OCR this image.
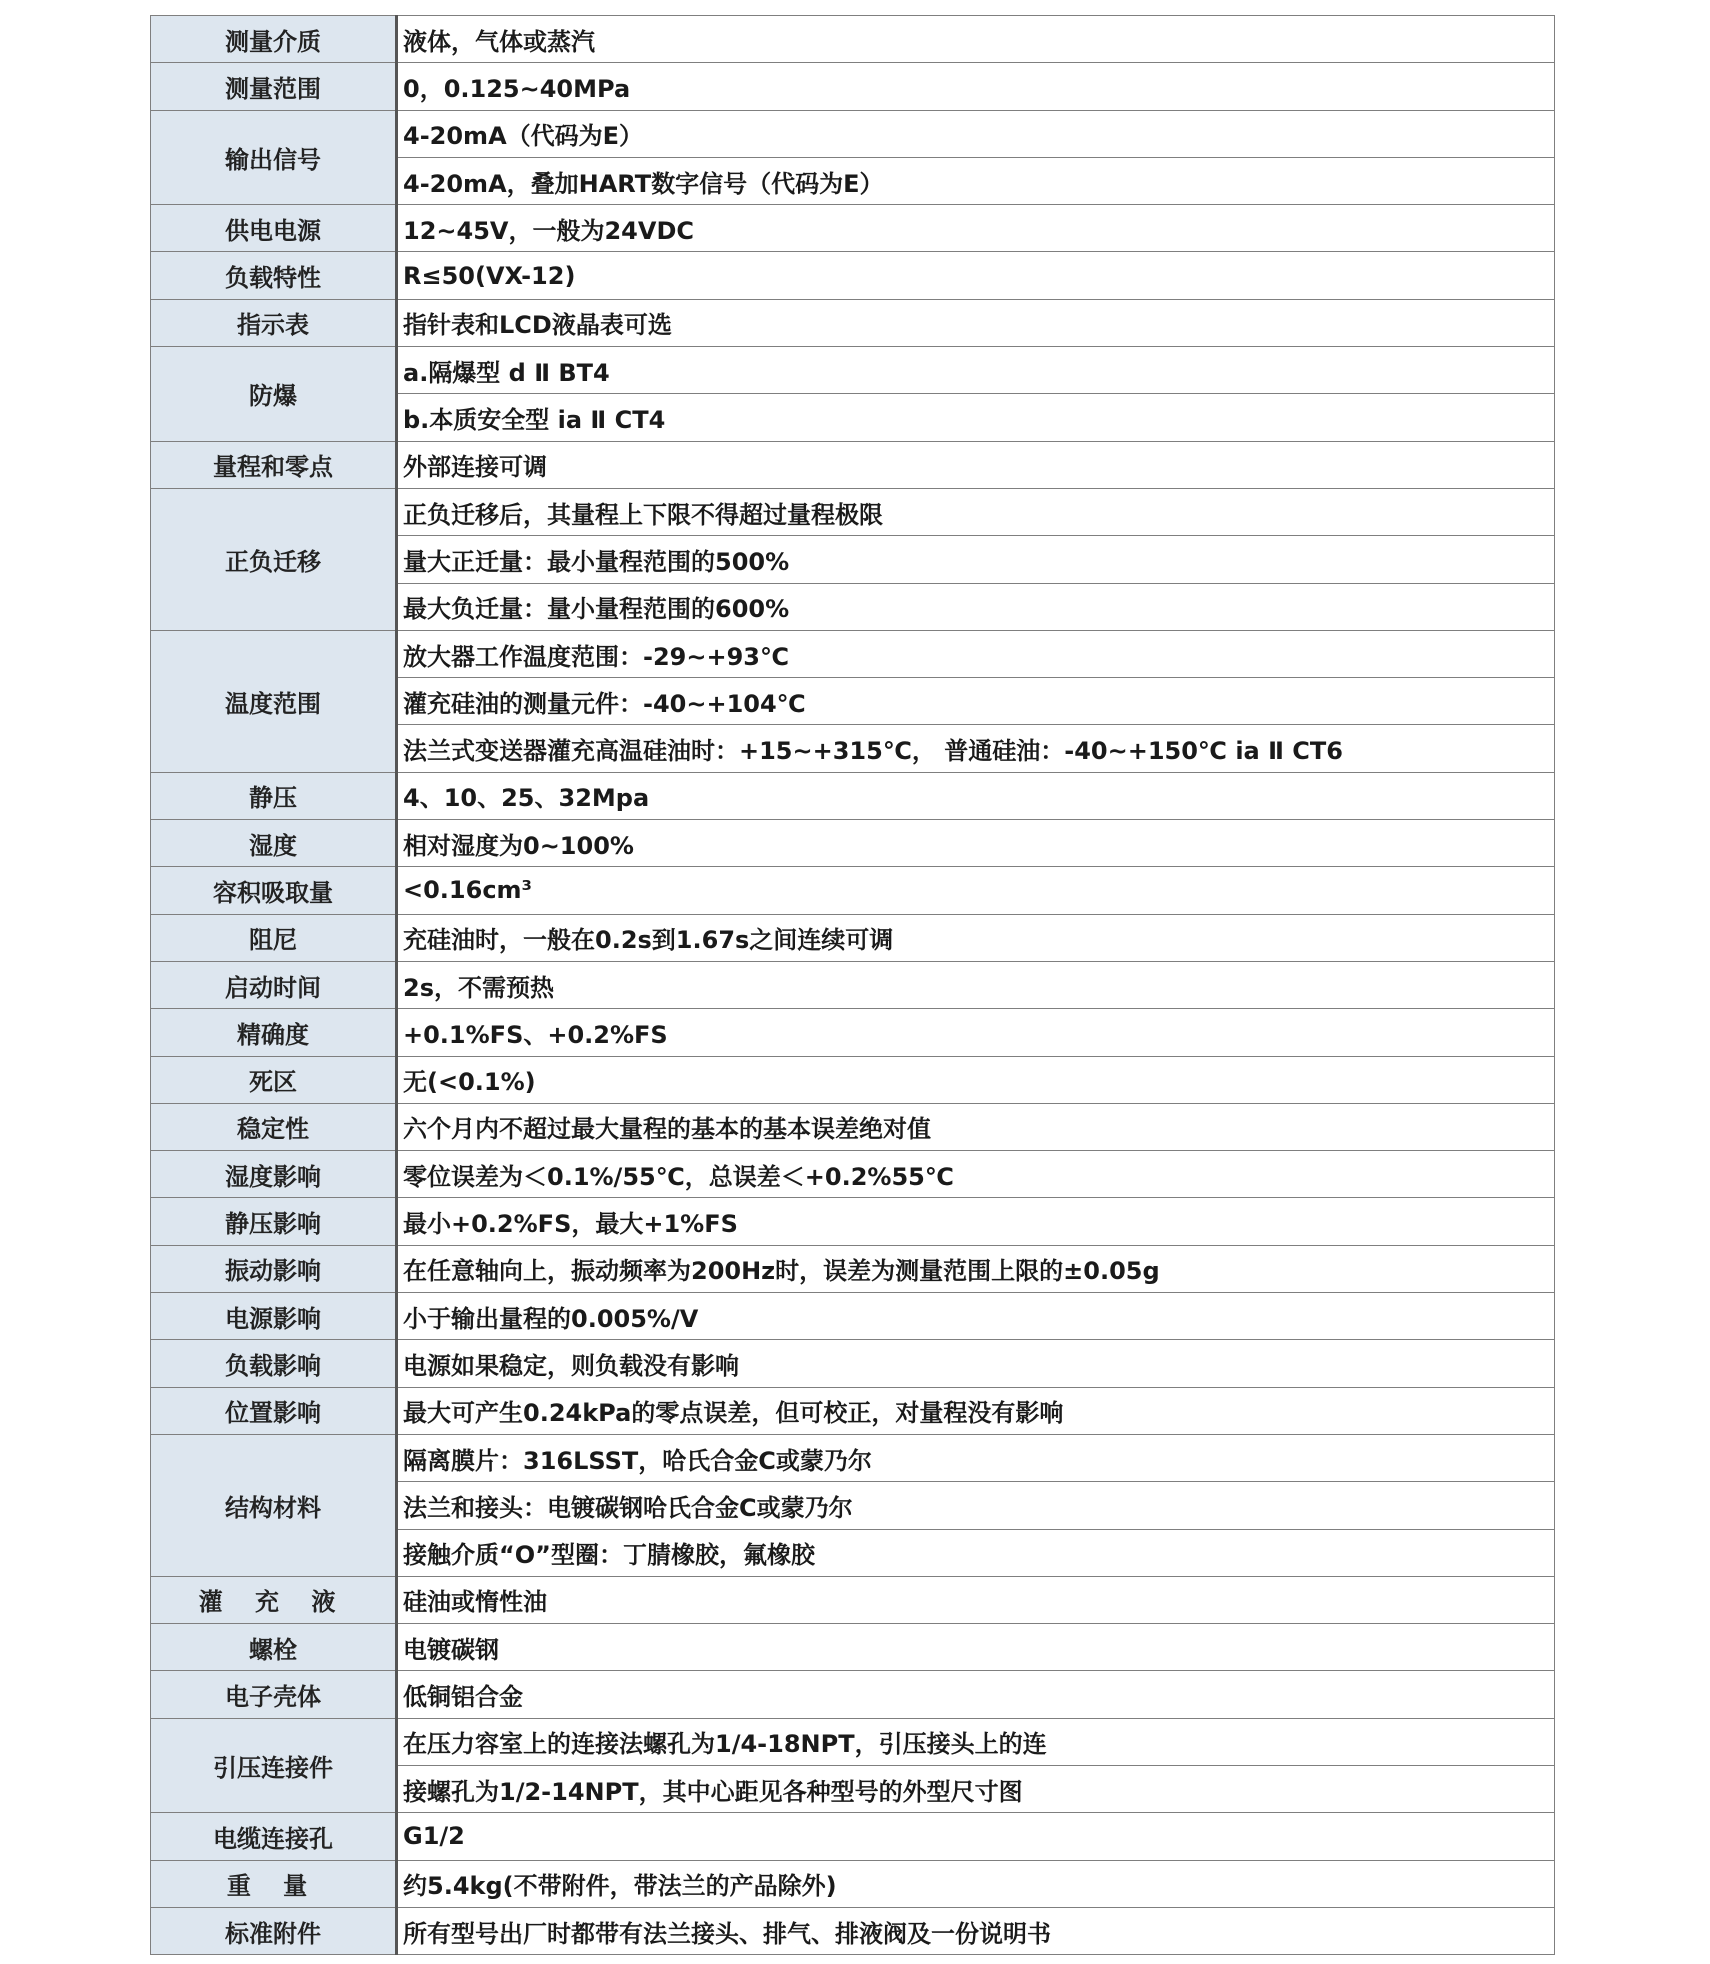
测量介质	液体，气体或蒸汽
测量范围	0，0.125~40MPa
输出信号	4-20mA（代码为E）
	4-20mA，叠加HART数字信号（代码为E）
供电电源	12~45V，一般为24VDC
负载特性	R≤50(VX-12)
指示表	指针表和LCD液晶表可选
防爆	a.隔爆型 d Ⅱ BT4
	b.本质安全型 ia Ⅱ CT4
量程和零点	外部连接可调
正负迁移	正负迁移后，其量程上下限不得超过量程极限
	量大正迁量：最小量程范围的500%
	最大负迁量：量小量程范围的600%
温度范围	放大器工作温度范围：-29~+93℃
	灌充硅油的测量元件：-40~+104℃
	法兰式变送器灌充高温硅油时：+15~+315℃， 普通硅油：-40~+150℃ ia Ⅱ CT6
静压	4、10、25、32Mpa
湿度	相对湿度为0~100%
容积吸取量	<0.16cm³
阻尼	充硅油时，一般在0.2s到1.67s之间连续可调
启动时间	2s，不需预热
精确度	+0.1%FS、+0.2%FS
死区	无(<0.1%)
稳定性	六个月内不超过最大量程的基本的基本误差绝对值
湿度影响	零位误差为＜0.1%/55℃，总误差＜+0.2%55℃
静压影响	最小+0.2%FS，最大+1%FS
振动影响	在任意轴向上，振动频率为200Hz时，误差为测量范围上限的±0.05g
电源影响	小于输出量程的0.005%/V
负载影响	电源如果稳定，则负载没有影响
位置影响	最大可产生0.24kPa的零点误差，但可校正，对量程没有影响
结构材料	隔离膜片：316LSST，哈氏合金C或蒙乃尔
	法兰和接头：电镀碳钢哈氏合金C或蒙乃尔
	接触介质“O”型圈：丁腈橡胶，氟橡胶
灌 充 液	硅油或惰性油
螺栓	电镀碳钢
电子壳体	低铜铝合金
引压连接件	在压力容室上的连接法螺孔为1/4-18NPT，引压接头上的连
	接螺孔为1/2-14NPT，其中心距见各种型号的外型尺寸图
电缆连接孔	G1/2
重 量	约5.4kg(不带附件，带法兰的产品除外)
标准附件	所有型号出厂时都带有法兰接头、排气、排液阀及一份说明书
